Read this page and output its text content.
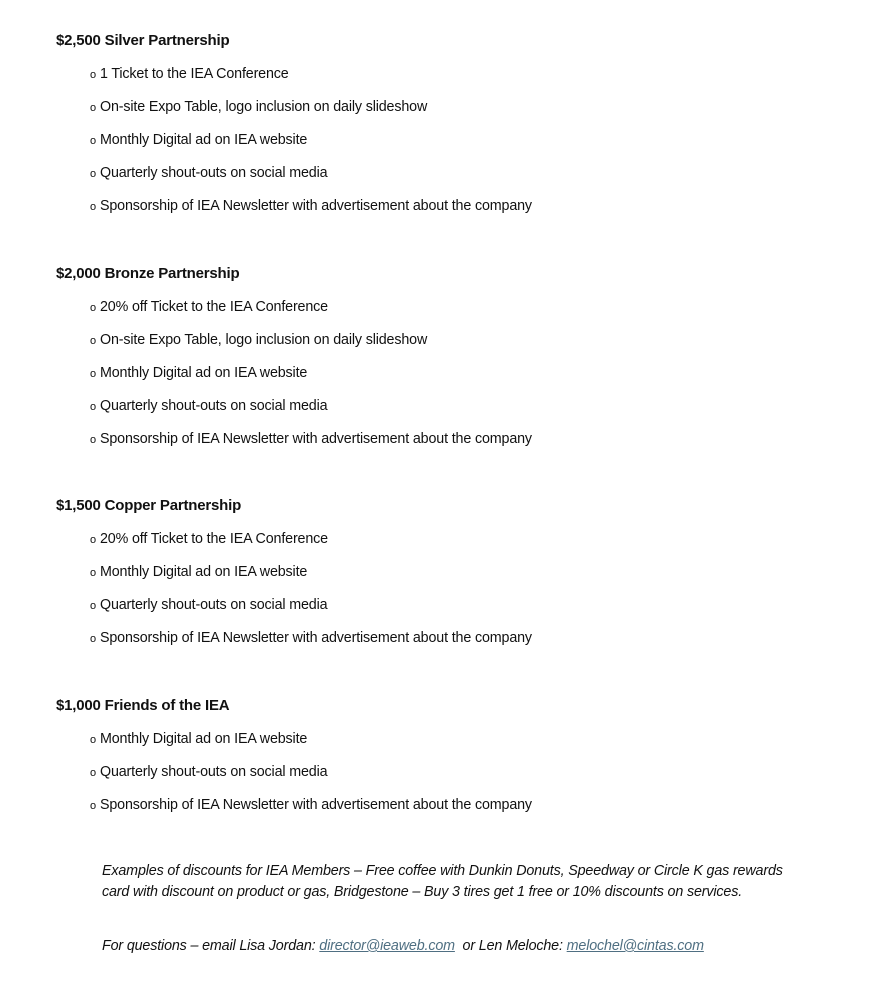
$2,500 Silver Partnership
o 1 Ticket to the IEA Conference
o On-site Expo Table, logo inclusion on daily slideshow
o Monthly Digital ad on IEA website
o Quarterly shout-outs on social media
o Sponsorship of IEA Newsletter with advertisement about the company
$2,000 Bronze Partnership
o 20% off Ticket to the IEA Conference
o On-site Expo Table, logo inclusion on daily slideshow
o Monthly Digital ad on IEA website
o Quarterly shout-outs on social media
o Sponsorship of IEA Newsletter with advertisement about the company
$1,500 Copper Partnership
o 20% off Ticket to the IEA Conference
o Monthly Digital ad on IEA website
o Quarterly shout-outs on social media
o Sponsorship of IEA Newsletter with advertisement about the company
$1,000 Friends of the IEA
o Monthly Digital ad on IEA website
o Quarterly shout-outs on social media
o Sponsorship of IEA Newsletter with advertisement about the company
Examples of discounts for IEA Members – Free coffee with Dunkin Donuts, Speedway or Circle K gas rewards card with discount on product or gas, Bridgestone – Buy 3 tires get 1 free or 10% discounts on services.
For questions – email Lisa Jordan: director@ieaweb.com  or Len Meloche: melochel@cintas.com
